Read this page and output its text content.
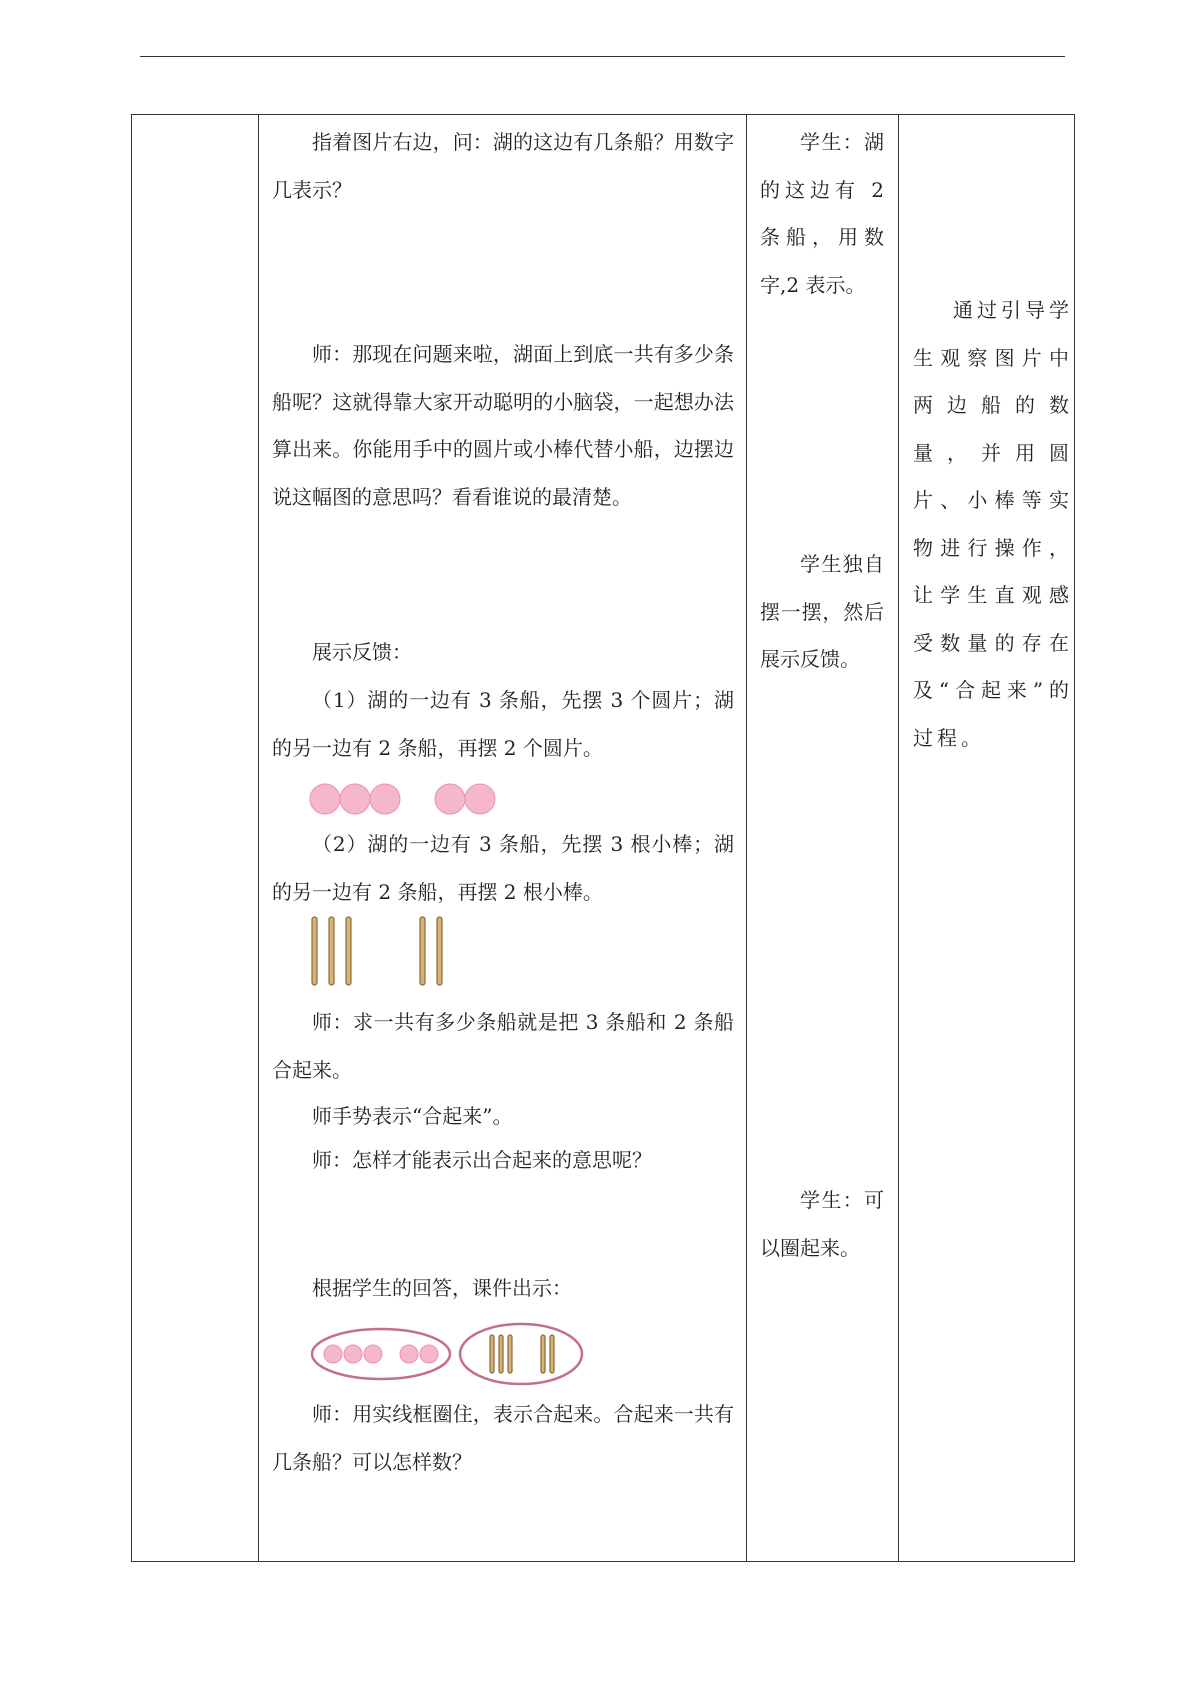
指着图片右边，问：湖的这边有几条船？用数字几表示？

师：那现在问题来啦，湖面上到底一共有多少条船呢？这就得靠大家开动聪明的小脑袋，一起想办法算出来。你能用手中的圆片或小棒代替小船，边摆边说这幅图的意思吗？看看谁说的最清楚。

展示反馈：

（1）湖的一边有 3 条船，先摆 3 个圆片；湖的另一边有 2 条船，再摆 2 个圆片。

（2）湖的一边有 3 条船，先摆 3 根小棒；湖的另一边有 2 条船，再摆 2 根小棒。

师：求一共有多少条船就是把 3 条船和 2 条船合起来。

师手势表示“合起来”。

师：怎样才能表示出合起来的意思呢？

根据学生的回答，课件出示：

师：用实线框圈住，表示合起来。合起来一共有几条船？可以怎样数？

学生：湖的这边有 2 条船，用数字,2 表示。

学生独自摆一摆，然后展示反馈。

学生：可以圈起来。

通过引导学生观察图片中两边船的数量，并用圆片、小棒等实物进行操作，让学生直观感受数量的存在及“合起来”的过程。
